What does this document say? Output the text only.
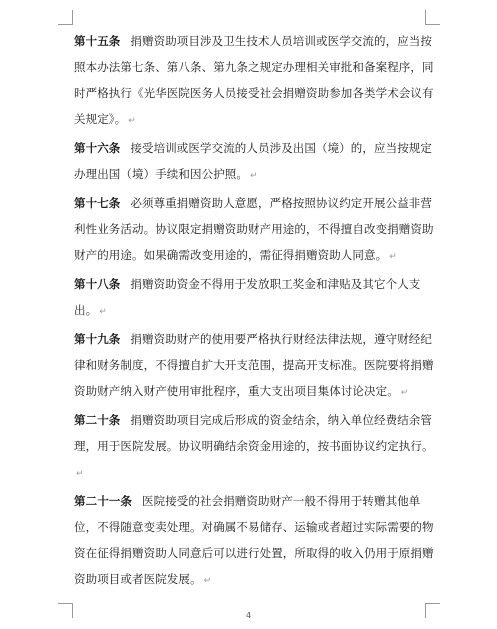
第十五条 捐赠资助项目涉及卫生技术人员培训或医学交流的，应当按照本办法第七条、第八条、第九条之规定办理相关审批和备案程序，同时严格执行《光华医院医务人员接受社会捐赠资助参加各类学术会议有关规定》。 ↵

第十六条 接受培训或医学交流的人员涉及出国（境）的，应当按规定办理出国（境）手续和因公护照。 ↵

第十七条 必须尊重捐赠资助人意愿，严格按照协议约定开展公益非营利性业务活动。协议限定捐赠资助财产用途的，不得擅自改变捐赠资助财产的用途。如果确需改变用途的，需征得捐赠资助人同意。 ↵

第十八条 捐赠资助资金不得用于发放职工奖金和津贴及其它个人支出。 ↵

第十九条 捐赠资助财产的使用要严格执行财经法律法规，遵守财经纪律和财务制度，不得擅自扩大开支范围，提高开支标准。医院要将捐赠资助财产纳入财产使用审批程序，重大支出项目集体讨论决定。 ↵

第二十条 捐赠资助项目完成后形成的资金结余，纳入单位经费结余管理，用于医院发展。协议明确结余资金用途的，按书面协议约定执行。↵

第二十一条 医院接受的社会捐赠资助财产一般不得用于转赠其他单位，不得随意变卖处理。对确属不易储存、运输或者超过实际需要的物资在征得捐赠资助人同意后可以进行处置，所取得的收入仍用于原捐赠资助项目或者医院发展。 ↵

4
